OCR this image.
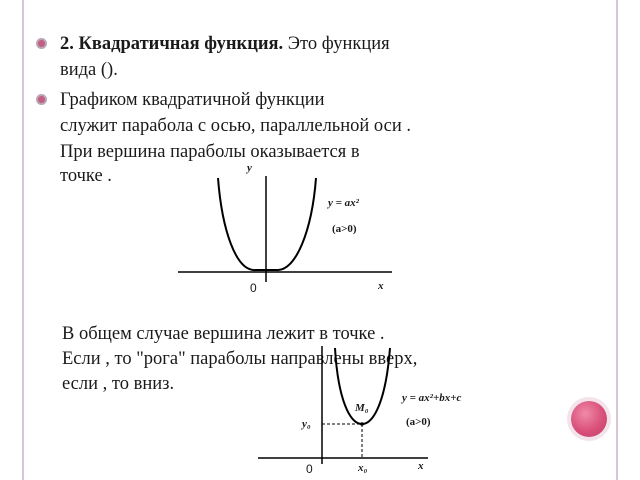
2. Квадратичная функция. Это функция
вида ().
Графиком квадратичной функции
служит парабола с осью, параллельной оси .
При вершина параболы оказывается в
точке .	y
0	x
y = ax²
(a>0)
В общем случае вершина лежит в точке .
Если , то "рога" параболы направлены вверх,
если , то вниз.
M₀
y₀
0	x₀	x
y = ax²+bx+c
(a>0)
